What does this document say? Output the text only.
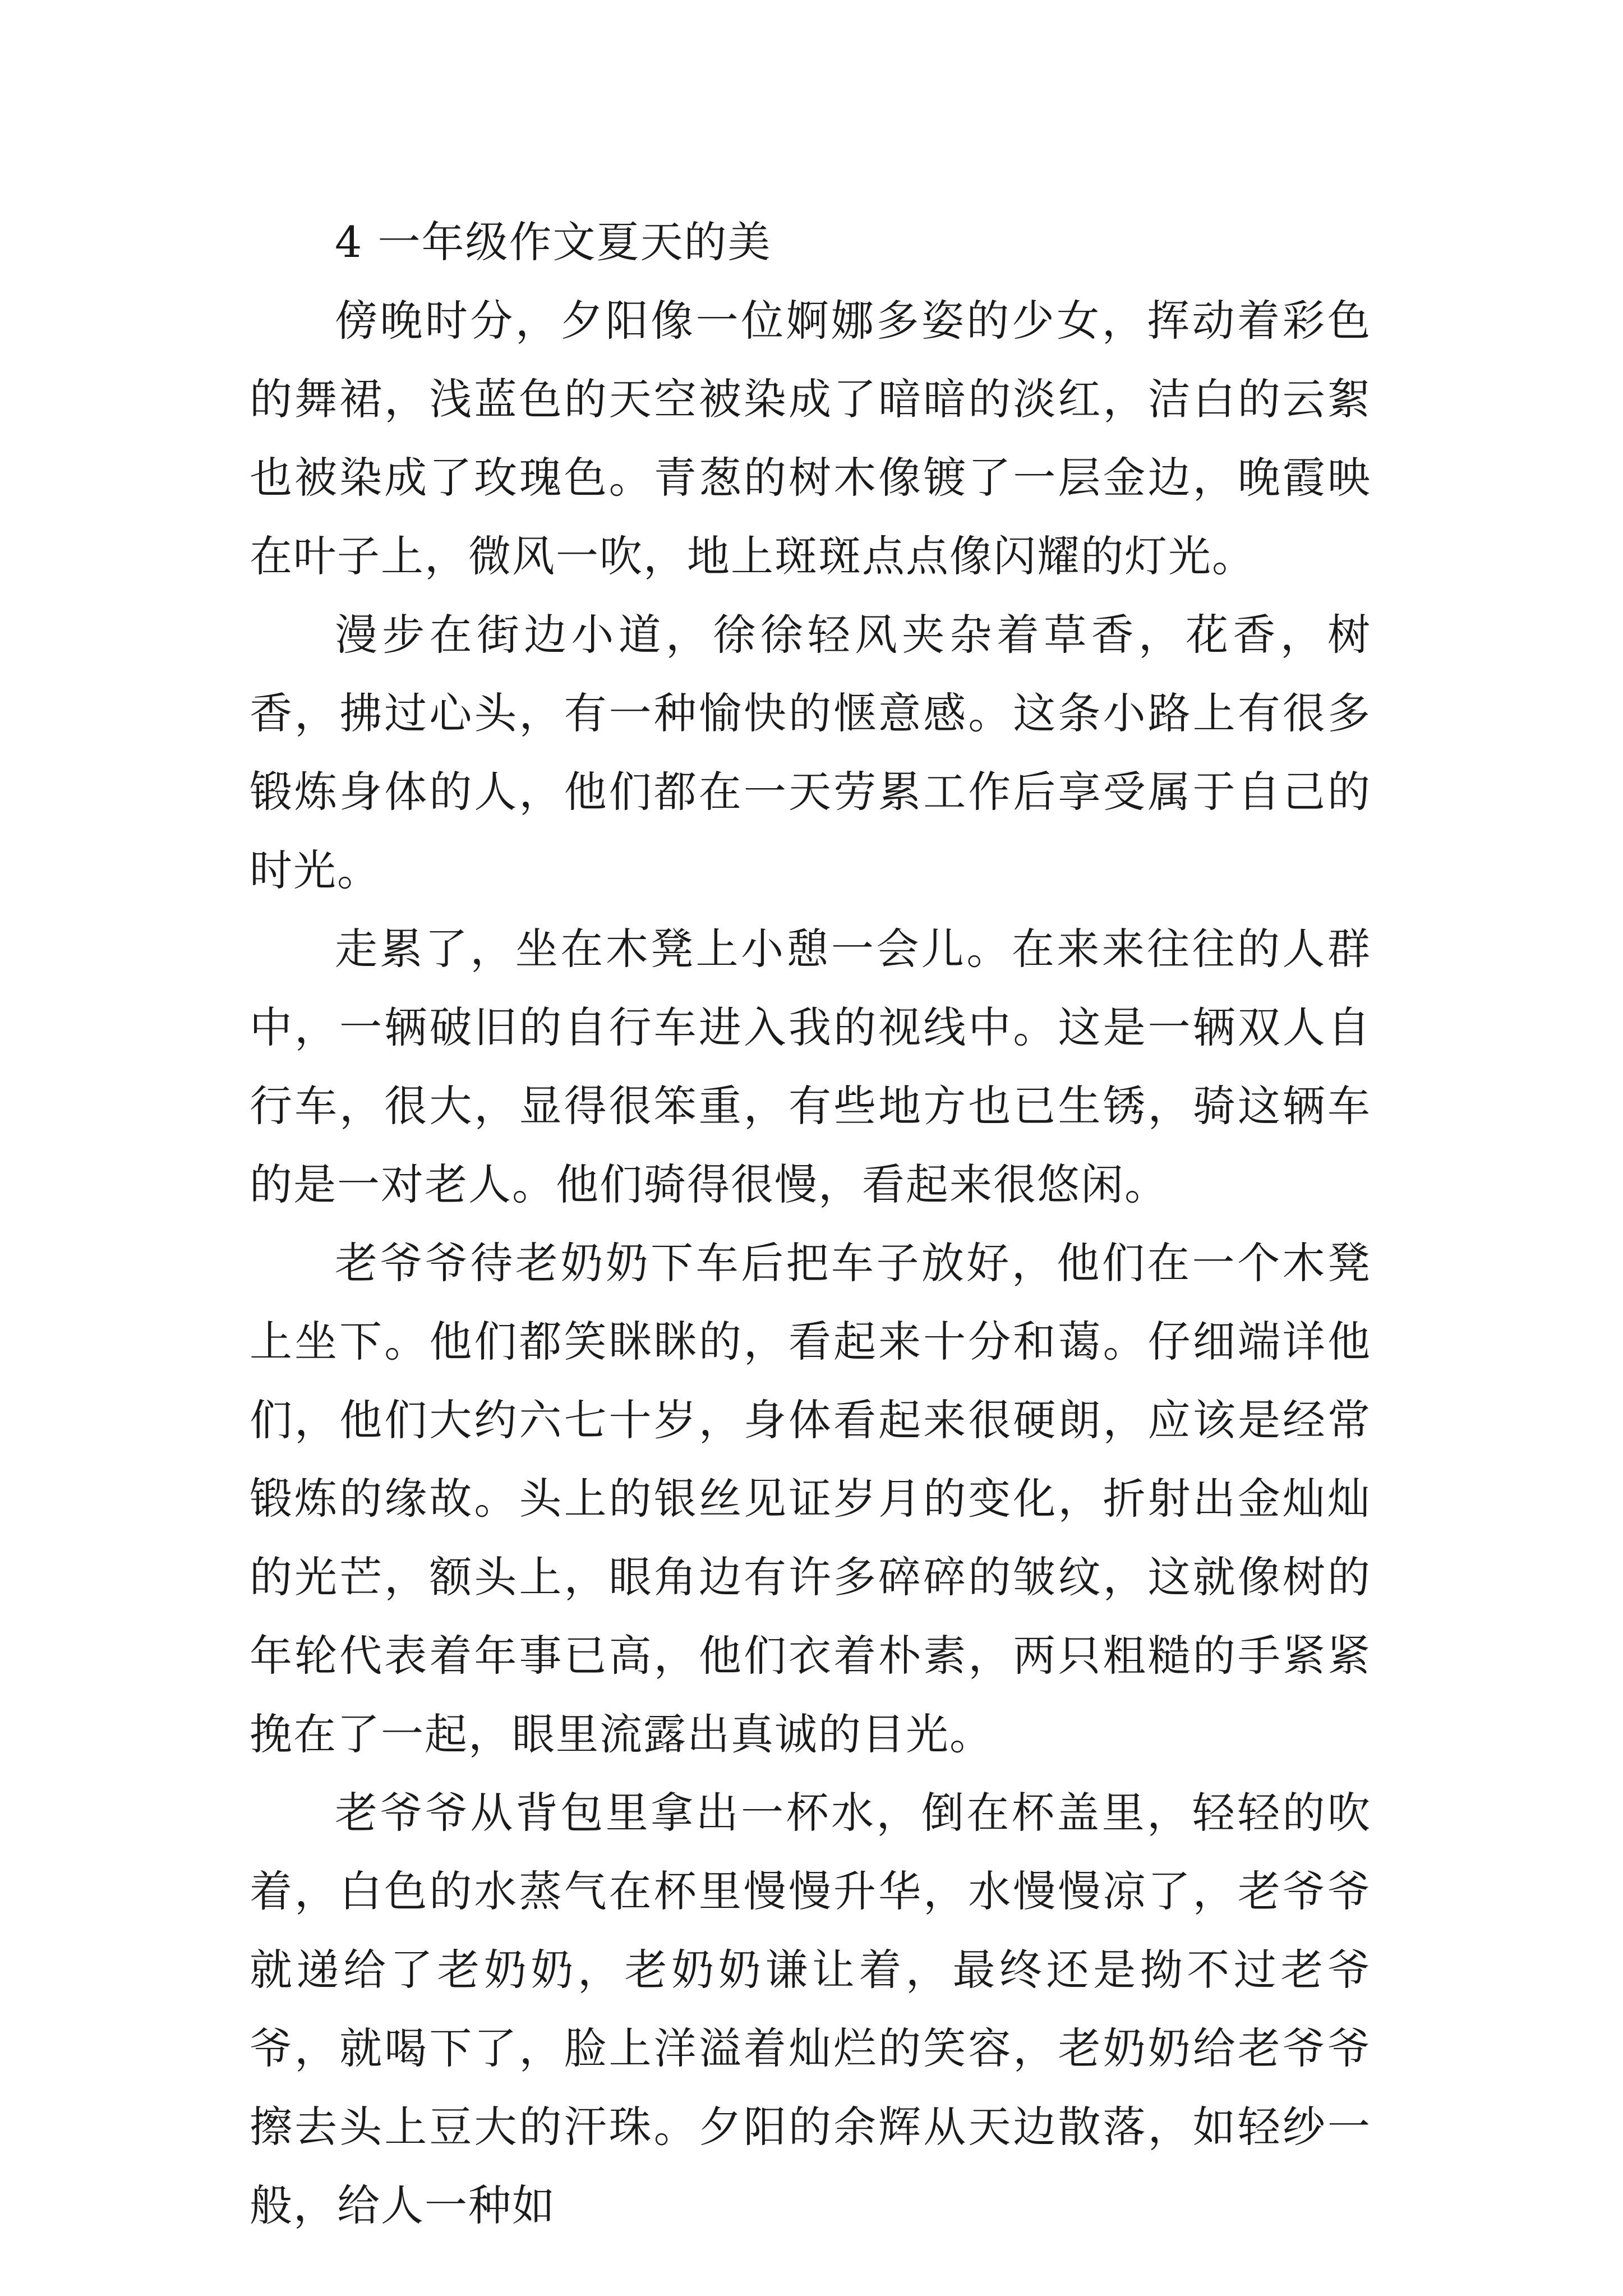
4 一年级作文夏天的美

傍晚时分，夕阳像一位婀娜多姿的少女，挥动着彩色的舞裙，浅蓝色的天空被染成了暗暗的淡红，洁白的云絮也被染成了玫瑰色。青葱的树木像镀了一层金边，晚霞映在叶子上，微风一吹，地上斑斑点点像闪耀的灯光。

漫步在街边小道，徐徐轻风夹杂着草香，花香，树香，拂过心头，有一种愉快的惬意感。这条小路上有很多锻炼身体的人，他们都在一天劳累工作后享受属于自己的时光。

走累了，坐在木凳上小憩一会儿。在来来往往的人群中，一辆破旧的自行车进入我的视线中。这是一辆双人自行车，很大，显得很笨重，有些地方也已生锈，骑这辆车的是一对老人。他们骑得很慢，看起来很悠闲。

老爷爷待老奶奶下车后把车子放好，他们在一个木凳上坐下。他们都笑眯眯的，看起来十分和蔼。仔细端详他们，他们大约六七十岁，身体看起来很硬朗，应该是经常锻炼的缘故。头上的银丝见证岁月的变化，折射出金灿灿的光芒，额头上，眼角边有许多碎碎的皱纹，这就像树的年轮代表着年事已高，他们衣着朴素，两只粗糙的手紧紧挽在了一起，眼里流露出真诚的目光。

老爷爷从背包里拿出一杯水，倒在杯盖里，轻轻的吹着，白色的水蒸气在杯里慢慢升华，水慢慢凉了，老爷爷就递给了老奶奶，老奶奶谦让着，最终还是拗不过老爷爷，就喝下了，脸上洋溢着灿烂的笑容，老奶奶给老爷爷擦去头上豆大的汗珠。夕阳的余辉从天边散落，如轻纱一般，给人一种如
